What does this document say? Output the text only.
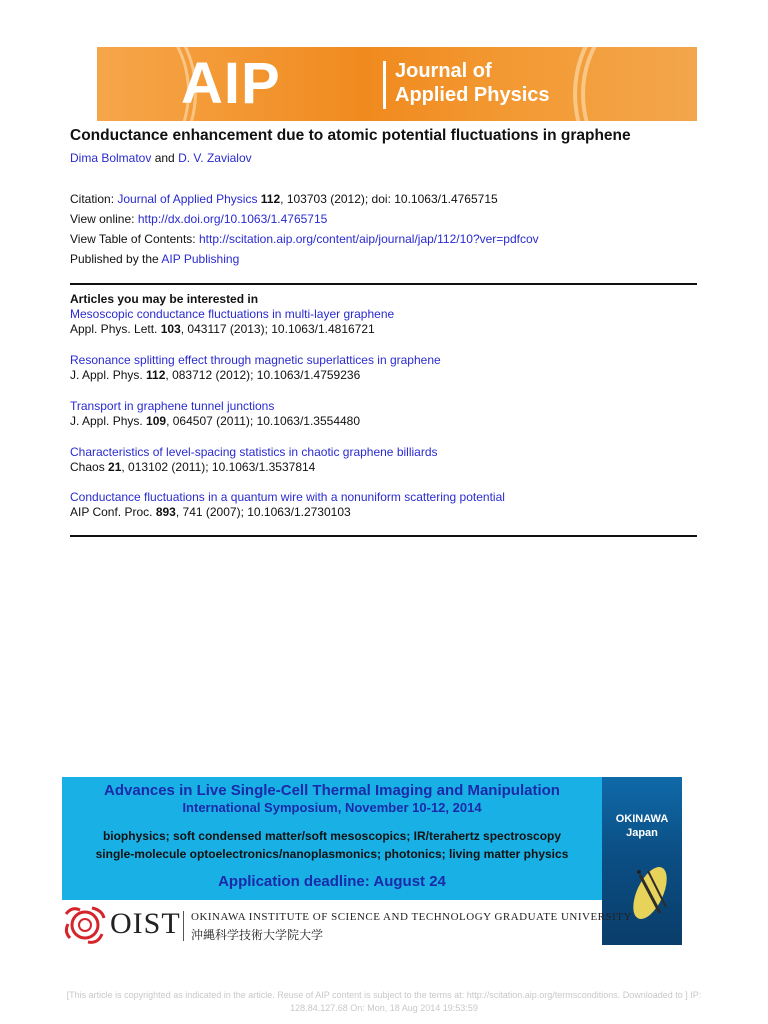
AIP	Journal of
Applied Physics
Conductance enhancement due to atomic potential fluctuations in graphene
Dima Bolmatov and D. V. Zavialov
Citation: Journal of Applied Physics 112, 103703 (2012); doi: 10.1063/1.4765715
View online: http://dx.doi.org/10.1063/1.4765715
View Table of Contents: http://scitation.aip.org/content/aip/journal/jap/112/10?ver=pdfcov
Published by the AIP Publishing
Articles you may be interested in
Mesoscopic conductance fluctuations in multi-layer graphene
Appl. Phys. Lett. 103, 043117 (2013); 10.1063/1.4816721
Resonance splitting effect through magnetic superlattices in graphene
J. Appl. Phys. 112, 083712 (2012); 10.1063/1.4759236
Transport in graphene tunnel junctions
J. Appl. Phys. 109, 064507 (2011); 10.1063/1.3554480
Characteristics of level-spacing statistics in chaotic graphene billiards
Chaos 21, 013102 (2011); 10.1063/1.3537814
Conductance fluctuations in a quantum wire with a nonuniform scattering potential
AIP Conf. Proc. 893, 741 (2007); 10.1063/1.2730103
Advances in Live Single-Cell Thermal Imaging and Manipulation
International Symposium, November 10-12, 2014
biophysics; soft condensed matter/soft mesoscopics; IR/terahertz spectroscopy
single-molecule optoelectronics/nanoplasmonics; photonics; living matter physics
Application deadline: August 24
OKINAWA
Japan
OIST OKINAWA INSTITUTE OF SCIENCE AND TECHNOLOGY GRADUATE UNIVERSITY
沖縄科学技術大学院大学
[This article is copyrighted as indicated in the article. Reuse of AIP content is subject to the terms at: http://scitation.aip.org/termsconditions. Downloaded to ] IP:
128.84.127.68 On: Mon, 18 Aug 2014 19:53:59
